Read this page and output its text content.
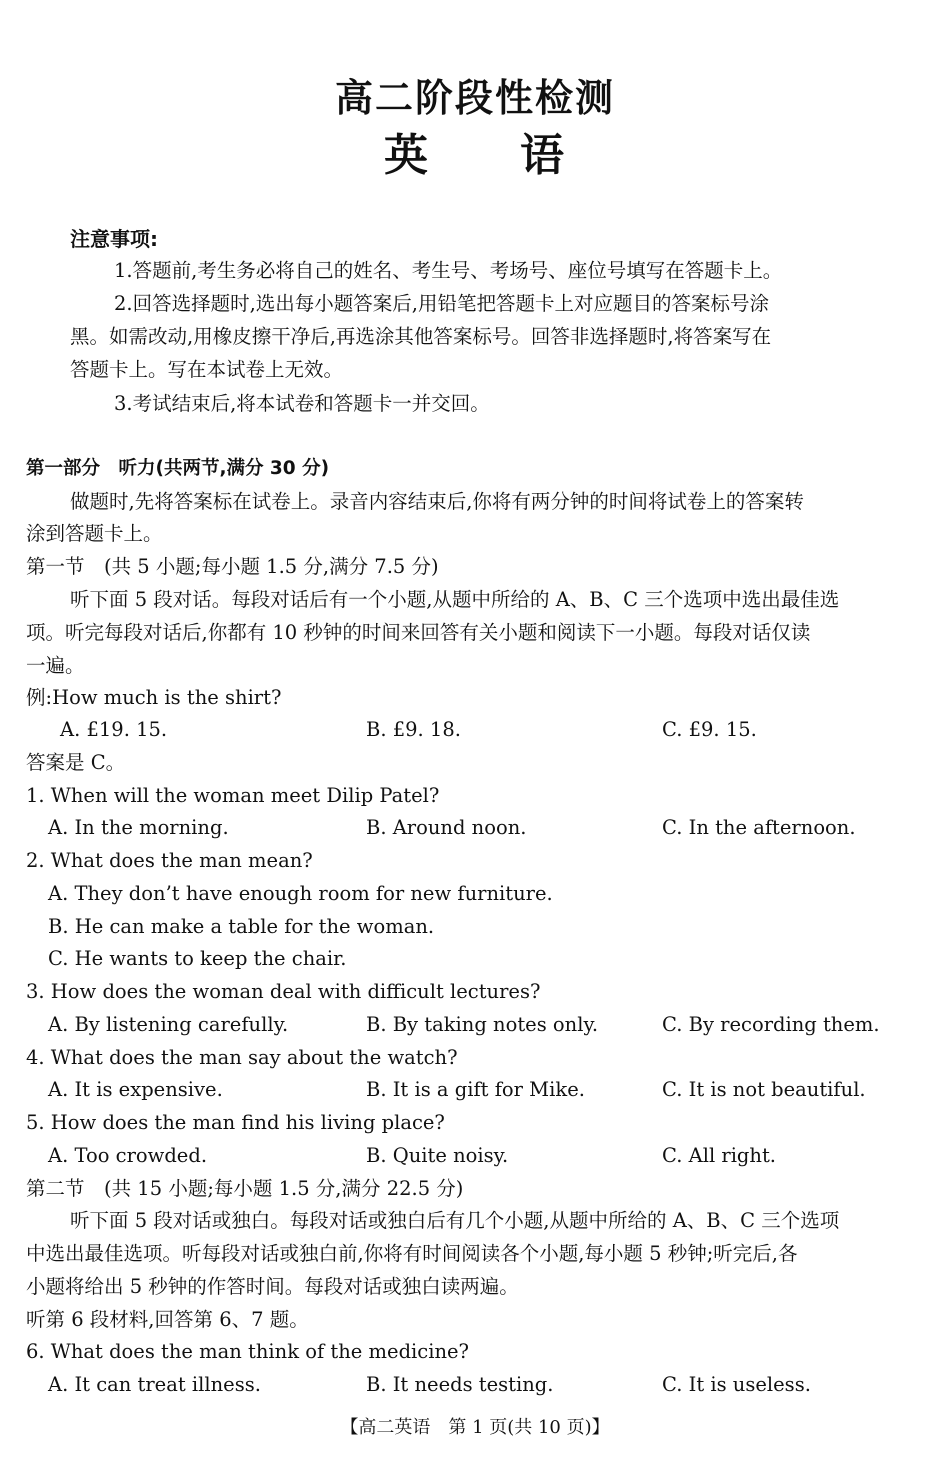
高二阶段性检测
英 语
注意事项:
1.答题前,考生务必将自己的姓名、考生号、考场号、座位号填写在答题卡上。
2.回答选择题时,选出每小题答案后,用铅笔把答题卡上对应题目的答案标号涂
黑。如需改动,用橡皮擦干净后,再选涂其他答案标号。回答非选择题时,将答案写在
答题卡上。写在本试卷上无效。
3.考试结束后,将本试卷和答题卡一并交回。
第一部分　听力(共两节,满分 30 分)
做题时,先将答案标在试卷上。录音内容结束后,你将有两分钟的时间将试卷上的答案转
涂到答题卡上。
第一节　(共 5 小题;每小题 1.5 分,满分 7.5 分)
听下面 5 段对话。每段对话后有一个小题,从题中所给的 A、B、C 三个选项中选出最佳选
项。听完每段对话后,你都有 10 秒钟的时间来回答有关小题和阅读下一小题。每段对话仅读
一遍。
例:How much is the shirt?
A. £19. 15.	B. £9. 18.	C. £9. 15.
答案是 C。
1. When will the woman meet Dilip Patel?
A. In the morning.	B. Around noon.	C. In the afternoon.
2. What does the man mean?
A. They don’t have enough room for new furniture.
B. He can make a table for the woman.
C. He wants to keep the chair.
3. How does the woman deal with difficult lectures?
A. By listening carefully.	B. By taking notes only.	C. By recording them.
4. What does the man say about the watch?
A. It is expensive.	B. It is a gift for Mike.	C. It is not beautiful.
5. How does the man find his living place?
A. Too crowded.	B. Quite noisy.	C. All right.
第二节　(共 15 小题;每小题 1.5 分,满分 22.5 分)
听下面 5 段对话或独白。每段对话或独白后有几个小题,从题中所给的 A、B、C 三个选项
中选出最佳选项。听每段对话或独白前,你将有时间阅读各个小题,每小题 5 秒钟;听完后,各
小题将给出 5 秒钟的作答时间。每段对话或独白读两遍。
听第 6 段材料,回答第 6、7 题。
6. What does the man think of the medicine?
A. It can treat illness.	B. It needs testing.	C. It is useless.
【高二英语　第 1 页(共 10 页)】
